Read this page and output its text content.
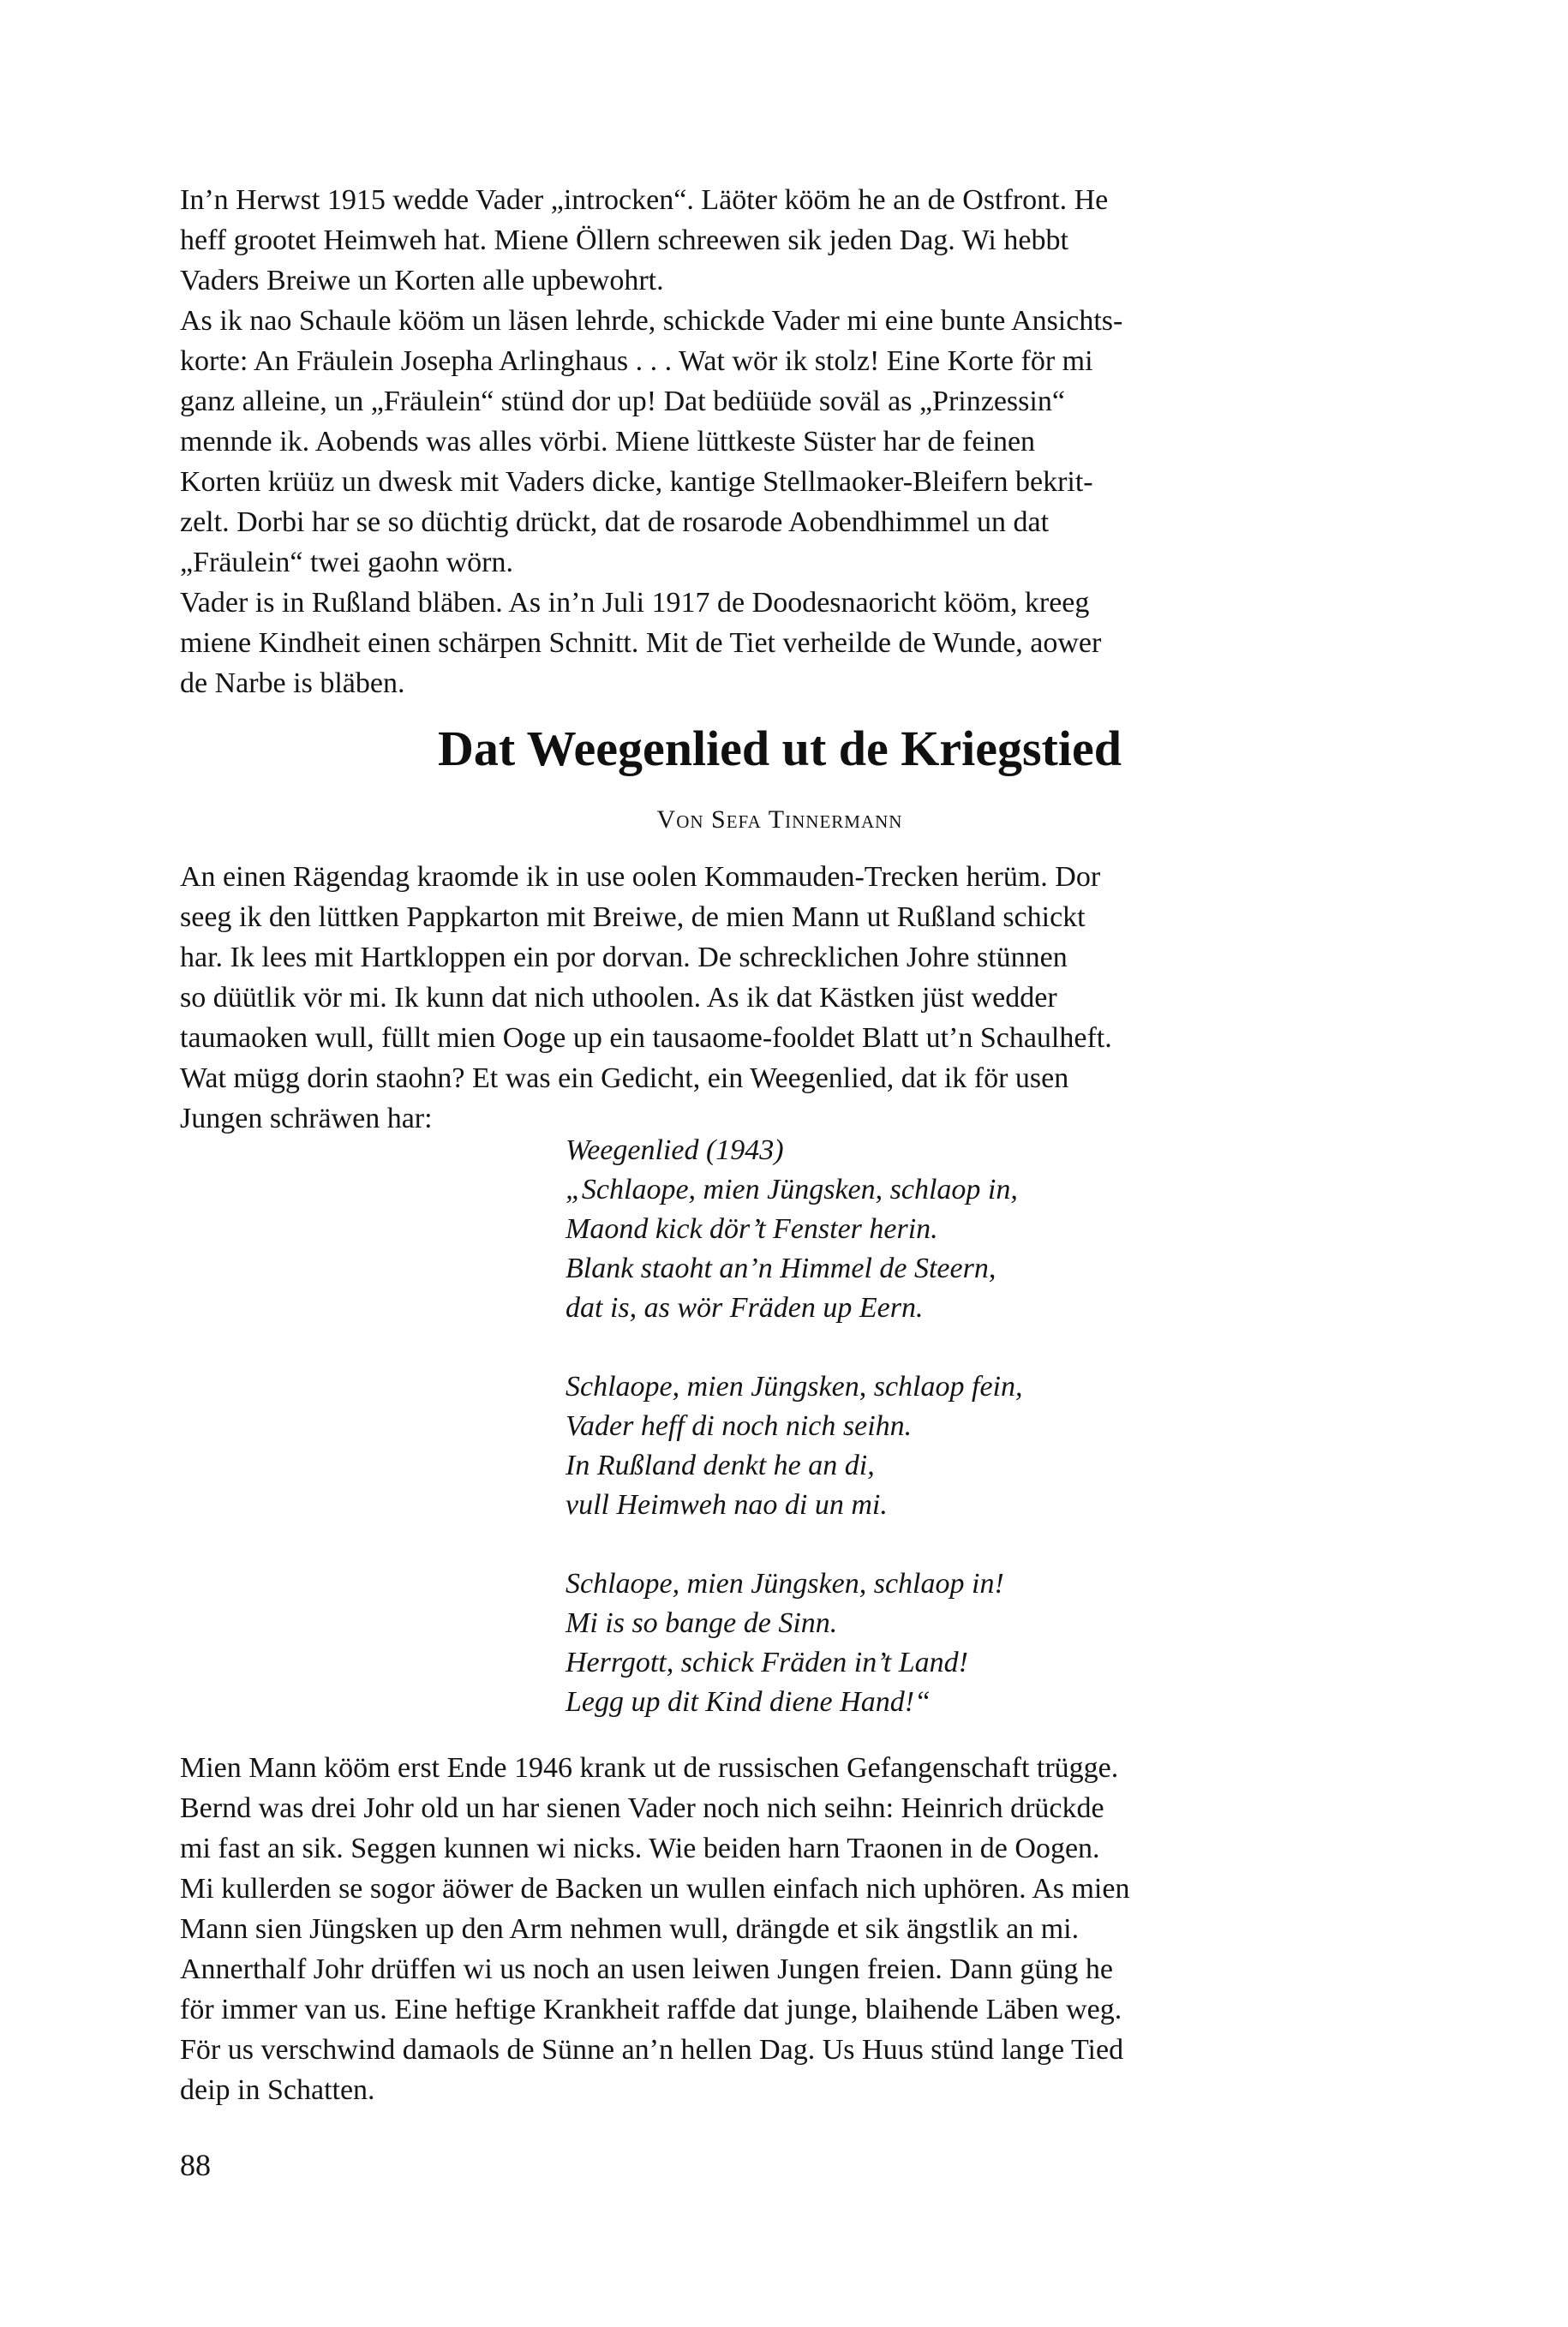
In’n Herwst 1915 wedde Vader „introcken“. Läöter kööm he an de Ostfront. He
heff grootet Heimweh hat. Miene Öllern schreewen sik jeden Dag. Wi hebbt
Vaders Breiwe un Korten alle upbewohrt.
As ik nao Schaule kööm un läsen lehrde, schickde Vader mi eine bunte Ansichts-
korte: An Fräulein Josepha Arlinghaus . . . Wat wör ik stolz! Eine Korte för mi
ganz alleine, un „Fräulein“ stünd dor up! Dat bedüüde soväl as „Prinzessin“
mennde ik. Aobends was alles vörbi. Miene lüttkeste Süster har de feinen
Korten krüüz un dwesk mit Vaders dicke, kantige Stellmaoker-Bleifern bekrit-
zelt. Dorbi har se so düchtig drückt, dat de rosarode Aobendhimmel un dat
„Fräulein“ twei gaohn wörn.
Vader is in Rußland bläben. As in’n Juli 1917 de Doodesnaoricht kööm, kreeg
miene Kindheit einen schärpen Schnitt. Mit de Tiet verheilde de Wunde, aower
de Narbe is bläben.
Dat Weegenlied ut de Kriegstied

Von Sefa Tinnermann

An einen Rägendag kraomde ik in use oolen Kommauden-Trecken herüm. Dor
seeg ik den lüttken Pappkarton mit Breiwe, de mien Mann ut Rußland schickt
har. Ik lees mit Hartkloppen ein por dorvan. De schrecklichen Johre stünnen
so düütlik vör mi. Ik kunn dat nich uthoolen. As ik dat Kästken jüst wedder
taumaoken wull, füllt mien Ooge up ein tausaome-fooldet Blatt ut’n Schaulheft.
Wat mügg dorin staohn? Et was ein Gedicht, ein Weegenlied, dat ik för usen
Jungen schräwen har:
Weegenlied (1943)
„Schlaope, mien Jüngsken, schlaop in,
Maond kick dör’t Fenster herin.
Blank staoht an’n Himmel de Steern,
dat is, as wör Fräden up Eern.
Schlaope, mien Jüngsken, schlaop fein,
Vader heff di noch nich seihn.
In Rußland denkt he an di,
vull Heimweh nao di un mi.
Schlaope, mien Jüngsken, schlaop in!
Mi is so bange de Sinn.
Herrgott, schick Fräden in’t Land!
Legg up dit Kind diene Hand!“
Mien Mann kööm erst Ende 1946 krank ut de russischen Gefangenschaft trügge.
Bernd was drei Johr old un har sienen Vader noch nich seihn: Heinrich drückde
mi fast an sik. Seggen kunnen wi nicks. Wie beiden harn Traonen in de Oogen.
Mi kullerden se sogor äöwer de Backen un wullen einfach nich uphören. As mien
Mann sien Jüngsken up den Arm nehmen wull, drängde et sik ängstlik an mi.
Annerthalf Johr drüffen wi us noch an usen leiwen Jungen freien. Dann güng he
för immer van us. Eine heftige Krankheit raffde dat junge, blaihende Läben weg.
För us verschwind damaols de Sünne an’n hellen Dag. Us Huus stünd lange Tied
deip in Schatten.

88
